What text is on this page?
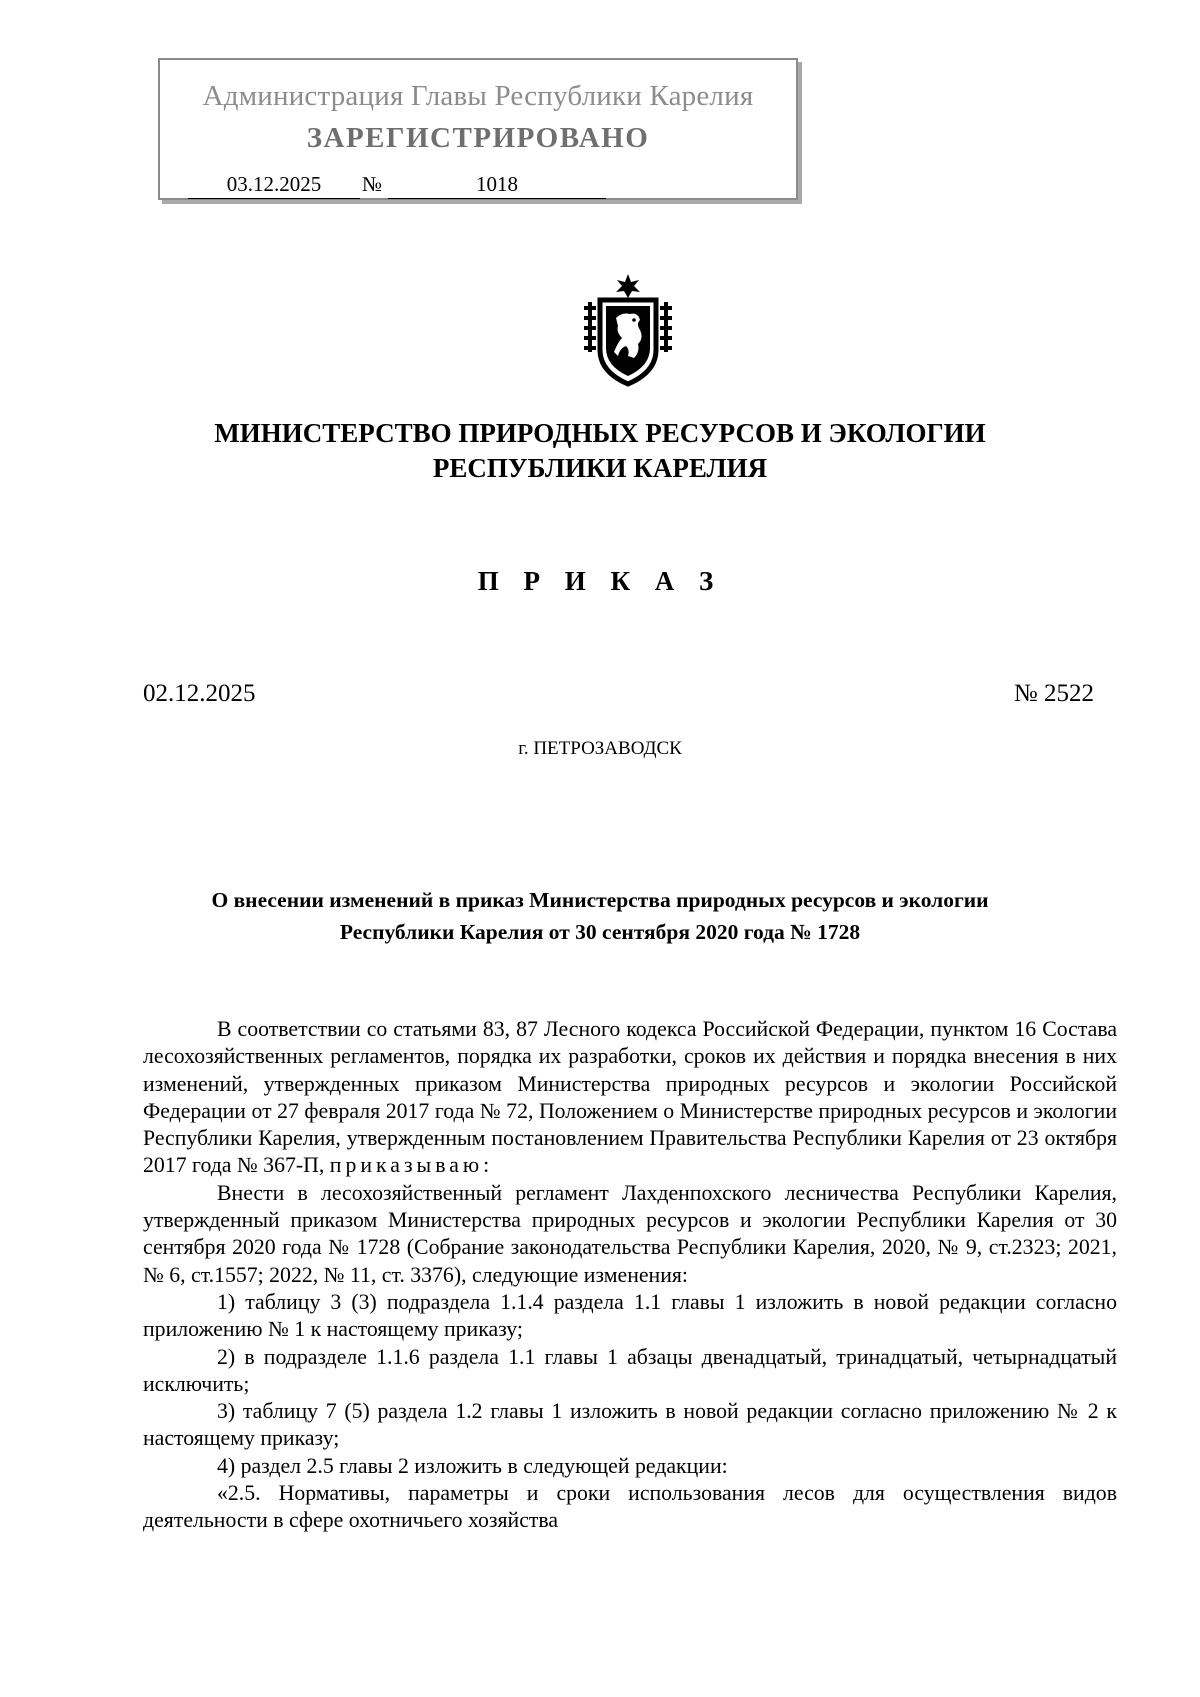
Администрация Главы Республики Карелия
ЗАРЕГИСТРИРОВАНО
03.12.2025	№	1018
МИНИСТЕРСТВО ПРИРОДНЫХ РЕСУРСОВ И ЭКОЛОГИИ
РЕСПУБЛИКИ КАРЕЛИЯ
П Р И К А З
02.12.2025	№ 2522
г. ПЕТРОЗАВОДСК
О внесении изменений в приказ Министерства природных ресурсов и экологии
Республики Карелия от 30 сентября 2020 года № 1728

В соответствии со статьями 83, 87 Лесного кодекса Российской Федерации, пунктом 16 Состава лесохозяйственных регламентов, порядка их разработки, сроков их действия и порядка внесения в них изменений, утвержденных приказом Министерства природных ресурсов и экологии Российской Федерации от 27 февраля 2017 года № 72, Положением о Министерстве природных ресурсов и экологии Республики Карелия, утвержденным постановлением Правительства Республики Карелия от 23 октября 2017 года № 367-П, приказываю:

Внести в лесохозяйственный регламент Лахденпохского лесничества Республики Карелия, утвержденный приказом Министерства природных ресурсов и экологии Республики Карелия от 30 сентября 2020 года № 1728 (Собрание законодательства Республики Карелия, 2020, № 9, ст.2323; 2021, № 6, ст.1557; 2022, № 11, ст. 3376), следующие изменения:

1) таблицу 3 (3) подраздела 1.1.4 раздела 1.1 главы 1 изложить в новой редакции согласно приложению № 1 к настоящему приказу;

2) в подразделе 1.1.6 раздела 1.1 главы 1 абзацы двенадцатый, тринадцатый, четырнадцатый исключить;

3) таблицу 7 (5) раздела 1.2 главы 1 изложить в новой редакции согласно приложению № 2 к настоящему приказу;

4) раздел 2.5 главы 2 изложить в следующей редакции:

«2.5. Нормативы, параметры и сроки использования лесов для осуществления видов деятельности в сфере охотничьего хозяйства
